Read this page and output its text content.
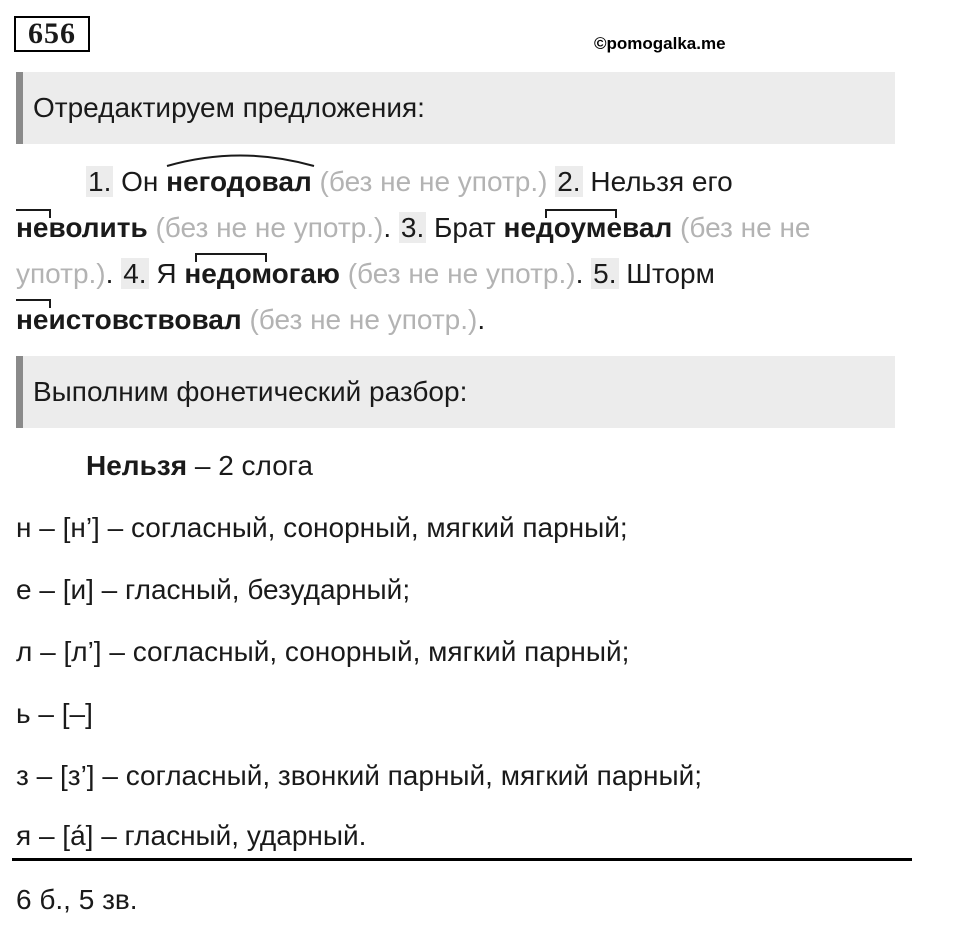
656	©pomogalka.me
Отредактируем предложения:
1. Он негодовал (без не не употр.) 2. Нельзя его
неволить (без не не употр.). 3. Брат недоумевал (без не не употр.). 4. Я недомогаю (без не не употр.). 5. Шторм
неистовствовал (без не не употр.).
Выполним фонетический разбор:
Нельзя – 2 слога
н – [н’] – согласный, сонорный, мягкий парный;
е – [и] – гласный, безударный;
л – [л’] – согласный, сонорный, мягкий парный;
ь – [–]
з – [з’] – согласный, звонкий парный, мягкий парный;
я – [а́] – гласный, ударный.
6 б., 5 зв.
